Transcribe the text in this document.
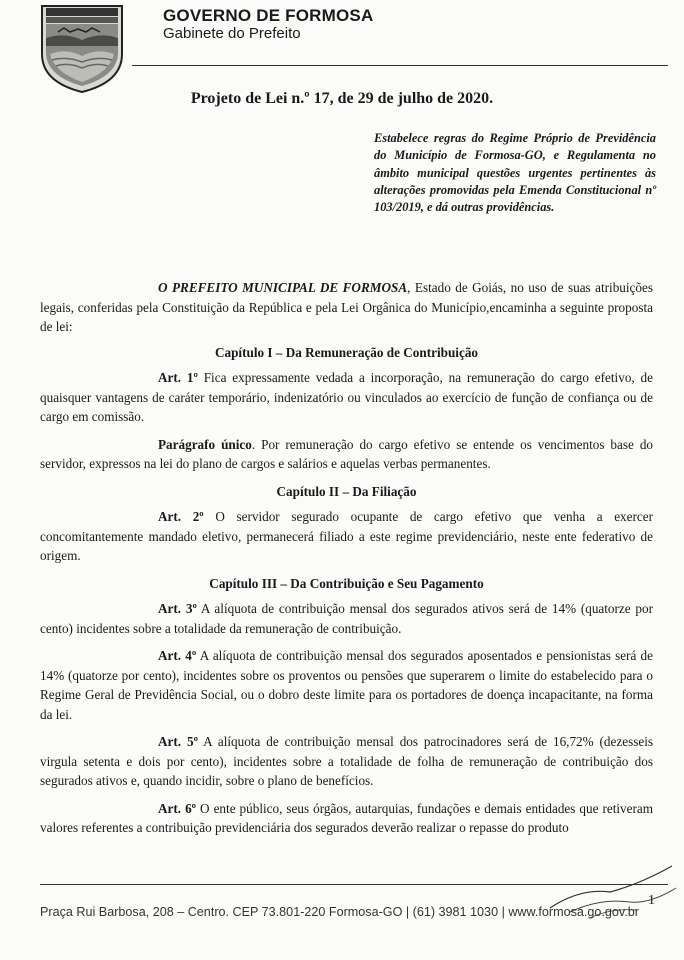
GOVERNO DE FORMOSA
Gabinete do Prefeito
Projeto de Lei n.º 17, de 29 de julho de 2020.
Estabelece regras do Regime Próprio de Previdência do Município de Formosa-GO, e Regulamenta no âmbito municipal questões urgentes pertinentes às alterações promovidas pela Emenda Constitucional nº 103/2019, e dá outras providências.

O PREFEITO MUNICIPAL DE FORMOSA, Estado de Goiás, no uso de suas atribuições legais, conferidas pela Constituição da República e pela Lei Orgânica do Município,encaminha a seguinte proposta de lei:

Capítulo I – Da Remuneração de Contribuição

Art. 1º Fica expressamente vedada a incorporação, na remuneração do cargo efetivo, de quaisquer vantagens de caráter temporário, indenizatório ou vinculados ao exercício de função de confiança ou de cargo em comissão.

Parágrafo único. Por remuneração do cargo efetivo se entende os vencimentos base do servidor, expressos na lei do plano de cargos e salários e aquelas verbas permanentes.

Capítulo II – Da Filiação

Art. 2º O servidor segurado ocupante de cargo efetivo que venha a exercer concomitantemente mandado eletivo, permanecerá filiado a este regime previdenciário, neste ente federativo de origem.

Capítulo III – Da Contribuição e Seu Pagamento

Art. 3º A alíquota de contribuição mensal dos segurados ativos será de 14% (quatorze por cento) incidentes sobre a totalidade da remuneração de contribuição.

Art. 4º A alíquota de contribuição mensal dos segurados aposentados e pensionistas será de 14% (quatorze por cento), incidentes sobre os proventos ou pensões que superarem o limite do estabelecido para o Regime Geral de Previdência Social, ou o dobro deste limite para os portadores de doença incapacitante, na forma da lei.

Art. 5º A alíquota de contribuição mensal dos patrocinadores será de 16,72% (dezesseis virgula setenta e dois por cento), incidentes sobre a totalidade de folha de remuneração de contribuição dos segurados ativos e, quando incidir, sobre o plano de benefícios.

Art. 6º O ente público, seus órgãos, autarquias, fundações e demais entidades que retiveram valores referentes a contribuição previdenciária dos segurados deverão realizar o repasse do produto

1
Praça Rui Barbosa, 208 – Centro. CEP 73.801-220 Formosa-GO | (61) 3981 1030 | www.formosa.go.gov.br
